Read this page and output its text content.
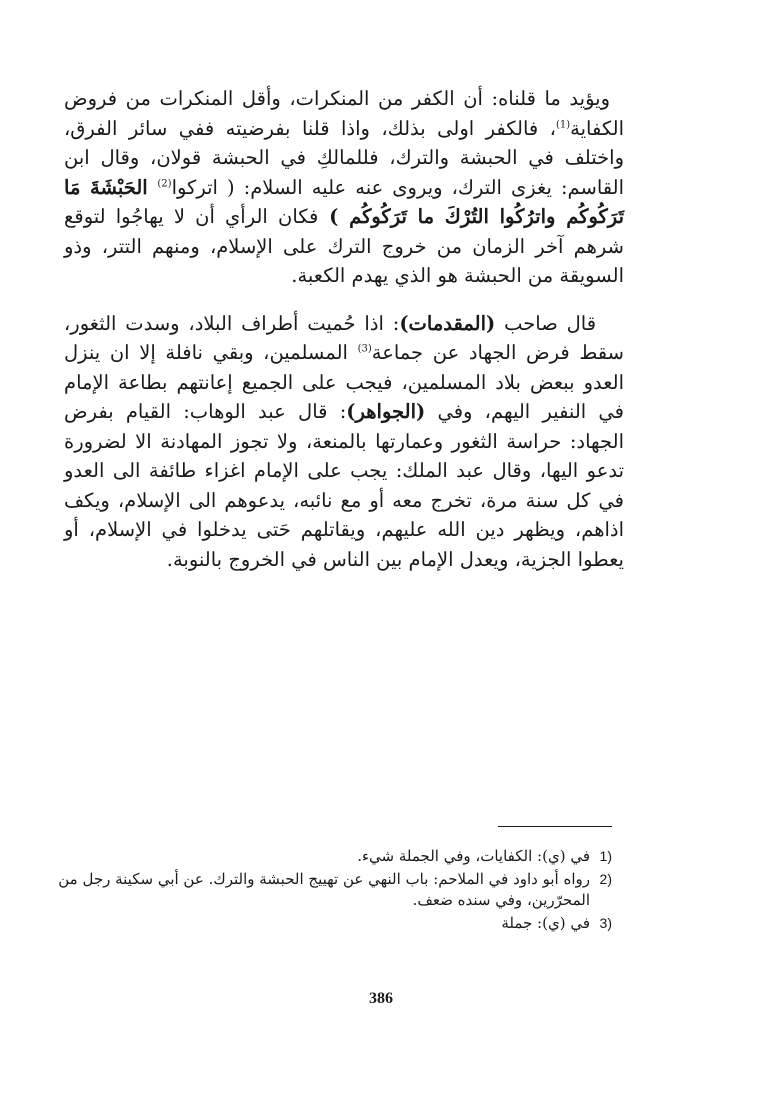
ويؤيد ما قلناه: أن الكفر من المنكرات، وأقل المنكرات من فروض الكفاية$^{(1)}$، فالكفر اولى بذلك، واذا قلنا بفرضيته ففي سائر الفرق، واختلف في الحبشة والترك، فللمالكِ في الحبشة قولان، وقال ابن القاسم: يغزى الترك، ويروى عنه عليه السلام: ( اتركوا$^{(2)}$ الحَبْشَةَ مَا تَرَكُوكُم واترُكُوا التُرْكَ ما تَرَكُوكُم ) فكان الرأي أن لا يهاجُوا لتوقع شرهم آخر الزمان من خروج الترك على الإسلام، ومنهم التتر، وذو السويقة من الحبشة هو الذي يهدم الكعبة.

قال صاحب (المقدمات): اذا حُميت أطراف البلاد، وسدت الثغور، سقط فرض الجهاد عن جماعة$^{(3)}$ المسلمين، وبقي نافلة إلا ان ينزل العدو ببعض بلاد المسلمين، فيجب على الجميع إعانتهم بطاعة الإمام في النفير اليهم، وفي (الجواهر): قال عبد الوهاب: القيام بفرض الجهاد: حراسة الثغور وعمارتها بالمنعة، ولا تجوز المهادنة الا لضرورة تدعو اليها، وقال عبد الملك: يجب على الإمام اغزاء طائفة الى العدو في كل سنة مرة، تخرج معه أو مع نائبه، يدعوهم الى الإسلام، ويكف اذاهم، ويظهر دين الله عليهم، ويقاتلهم حَتى يدخلوا في الإسلام، أو يعطوا الجزية، ويعدل الإمام بين الناس في الخروج بالنوبة.

1)
في (ي): الكفايات، وفي الجملة شيء.
2)
رواه أبو داود في الملاحم: باب النهي عن تهييج الحبشة والترك. عن أبي سكينة رجل من المحرّرين، وفي سنده ضعف.
3)
في (ي): جملة
386
